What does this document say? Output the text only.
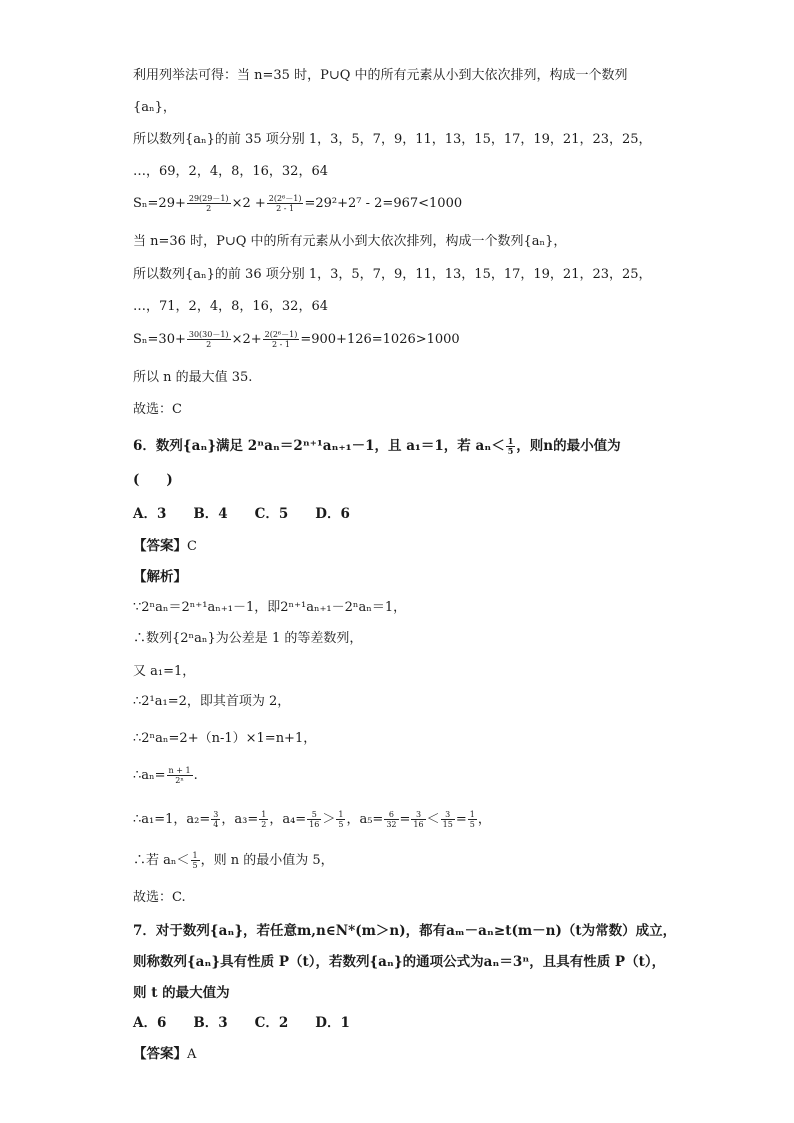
利用列举法可得：当 n=35 时，P∪Q 中的所有元素从小到大依次排列，构成一个数列
{aₙ}，
所以数列{aₙ}的前 35 项分别 1，3，5，7，9，11，13，15，17，19，21，23，25，
…，69，2，4，8，16，32，64
$S_n=29+ \frac{29(29-1)}{2} \times 2 + \frac{\text{2(2⁶－1)}}{2 - 1} =29^2+2^7 - 2=967<1000$
当 n=36 时，P∪Q 中的所有元素从小到大依次排列，构成一个数列{aₙ}，
所以数列{aₙ}的前 36 项分别 1，3，5，7，9，11，13，15，17，19，21，23，25，
…，71，2，4，8，16，32，64
$S_n=30+ \frac{30(30-1)}{2} \times 2+ \frac{\text{2(2⁶－1)}}{2 - 1} =900+126=1026>1000$
所以 n 的最大值 35.
故选：C
6．数列{aₙ}满足 2ⁿaₙ＝2ⁿ⁺¹aₙ₊₁－1，且 a₁＝1，若 $a_n< \frac{1}{5}$ ，则n的最小值为
(　　)
A．3　　B．4　　C．5　　D．6
【答案】C
【解析】
∵2ⁿaₙ＝2ⁿ⁺¹aₙ₊₁－1，即2ⁿ⁺¹aₙ₊₁－2ⁿaₙ＝1，
∴数列{2ⁿaₙ}为公差是 1 的等差数列，
又 a₁=1，
∴2¹a₁=2，即其首项为 2，
∴2ⁿaₙ=2+（n-1）×1=n+1，
∴aₙ= $\frac{n + 1}{\text{2ⁿ}}$ .
∴a₁=1，$a_2= \frac{3}{4}$ ，$a_3= \frac{1}{2}$ ，$a_4= \frac{5}{16} > \frac{1}{5}$ ，$a_5= \frac{6}{32} = \frac{3}{16} < \frac{3}{15} = \frac{1}{5}$ ，
∴若 $a_n< \frac{1}{5}$ ，则 n 的最小值为 5，
故选：C.
7．对于数列{aₙ}，若任意m,n∈N*(m＞n)，都有aₘ－aₙ≥t(m－n)（t为常数）成立，
则称数列{aₙ}具有性质 P（t），若数列{aₙ}的通项公式为aₙ＝3ⁿ，且具有性质 P（t），
则 t 的最大值为
A．6　　B．3　　C．2　　D．1
【答案】A
